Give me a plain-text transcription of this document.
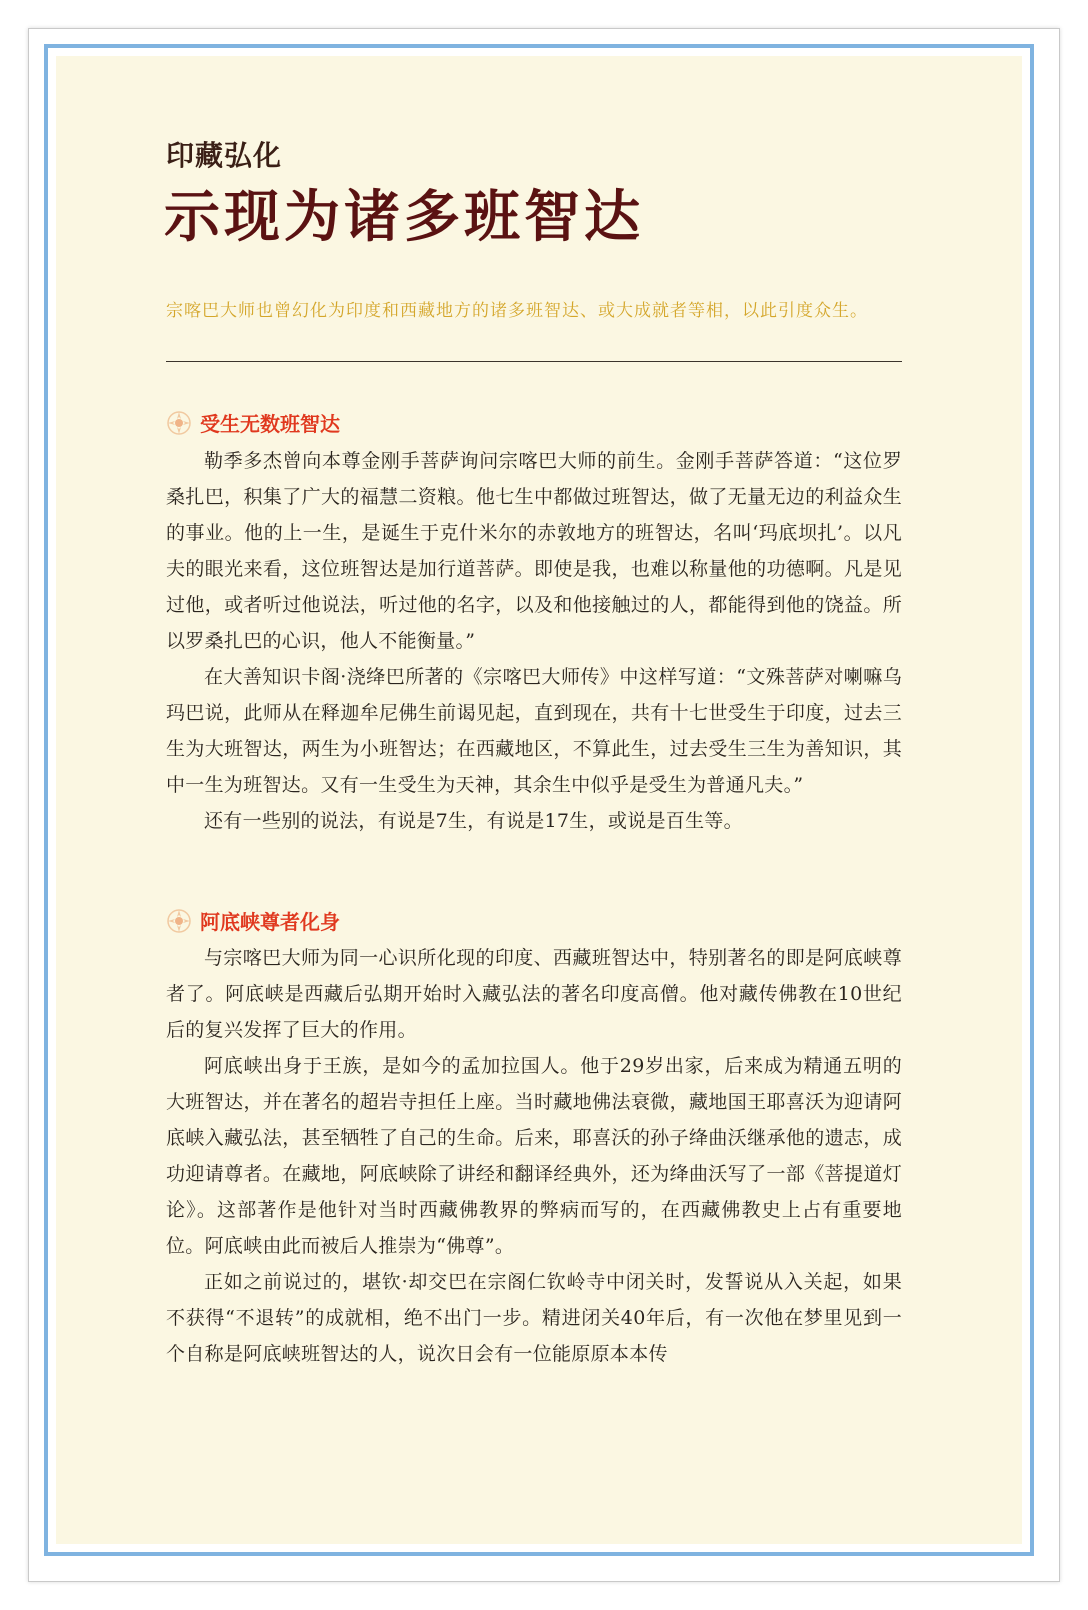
印藏弘化
示现为诸多班智达
宗喀巴大师也曾幻化为印度和西藏地方的诸多班智达、或大成就者等相，以此引度众生。
受生无数班智达

勒季多杰曾向本尊金刚手菩萨询问宗喀巴大师的前生。金刚手菩萨答道：“这位罗桑扎巴，积集了广大的福慧二资粮。他七生中都做过班智达，做了无量无边的利益众生的事业。他的上一生，是诞生于克什米尔的赤敦地方的班智达，名叫‘玛底坝扎’。以凡夫的眼光来看，这位班智达是加行道菩萨。即使是我，也难以称量他的功德啊。凡是见过他，或者听过他说法，听过他的名字，以及和他接触过的人，都能得到他的饶益。所以罗桑扎巴的心识，他人不能衡量。”

在大善知识卡阁·浇绛巴所著的《宗喀巴大师传》中这样写道：“文殊菩萨对喇嘛乌玛巴说，此师从在释迦牟尼佛生前谒见起，直到现在，共有十七世受生于印度，过去三生为大班智达，两生为小班智达；在西藏地区，不算此生，过去受生三生为善知识，其中一生为班智达。又有一生受生为天神，其余生中似乎是受生为普通凡夫。”

还有一些别的说法，有说是7生，有说是17生，或说是百生等。

阿底峡尊者化身

与宗喀巴大师为同一心识所化现的印度、西藏班智达中，特别著名的即是阿底峡尊者了。阿底峡是西藏后弘期开始时入藏弘法的著名印度高僧。他对藏传佛教在10世纪后的复兴发挥了巨大的作用。

阿底峡出身于王族，是如今的孟加拉国人。他于29岁出家，后来成为精通五明的大班智达，并在著名的超岩寺担任上座。当时藏地佛法衰微，藏地国王耶喜沃为迎请阿底峡入藏弘法，甚至牺牲了自己的生命。后来，耶喜沃的孙子绛曲沃继承他的遗志，成功迎请尊者。在藏地，阿底峡除了讲经和翻译经典外，还为绛曲沃写了一部《菩提道灯论》。这部著作是他针对当时西藏佛教界的弊病而写的，在西藏佛教史上占有重要地位。阿底峡由此而被后人推崇为“佛尊”。

正如之前说过的，堪钦·却交巴在宗阁仁钦岭寺中闭关时，发誓说从入关起，如果不获得“不退转”的成就相，绝不出门一步。精进闭关40年后，有一次他在梦里见到一个自称是阿底峡班智达的人，说次日会有一位能原原本本传
